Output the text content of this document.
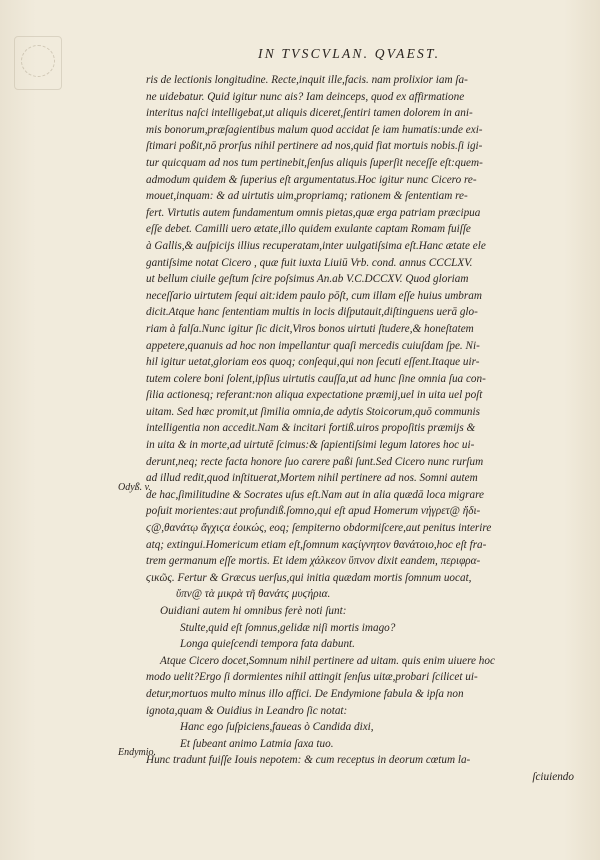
IN TVSCVLAN. QVAEST.
Odyß. v.
Endymio.
ris de lectionis longitudine. Recte,inquit ille,facis. nam prolixior iam ſa-
ne uidebatur. Quid igitur nunc ais? Iam deinceps, quod ex affirmatione
interitus naſci intelligebat,ut aliquis diceret,ſentiri tamen dolorem in ani-
mis bonorum,præſagientibus malum quod accidat ſe iam humatis:unde exi-
ſtimari poßit,nō prorſus nihil pertinere ad nos,quid fiat mortuis nobis.ſi igi-
tur quicquam ad nos tum pertinebit,ſenſus aliquis ſuperſit neceſſe eſt:quem-
admodum quidem & ſuperius eſt argumentatus.Hoc igitur nunc Cicero re-
mouet,inquam: & ad uirtutis uim,propriamq; rationem & ſententiam re-
fert. Virtutis autem fundamentum omnis pietas,quæ erga patriam præcipua
eſſe debet. Camilli uero ætate,illo quidem exulante captam Romam fuiſſe
à Gallis,& auſpicijs illius recuperatam,inter uulgatiſsima eſt.Hanc ætate ele
gantiſsime notat Cicero , quæ fuit iuxta Liuiū Vrb. cond. annus CCCLXV.
ut bellum ciuile geſtum ſcire poſsimus An.ab V.C.DCCXV. Quod gloriam
neceſſario uirtutem ſequi ait:idem paulo pōſt, cum illam eſſe huius umbram
dicit.Atque hanc ſententiam multis in locis diſputauit,diſtinguens uerā glo-
riam à falſa.Nunc igitur ſic dicit,Viros bonos uirtuti ſtudere,& honeſtatem
appetere,quanuis ad hoc non impellantur quaſi mercedis cuiuſdam ſpe. Ni-
hil igitur uetat,gloriam eos quoq; conſequi,qui non ſecuti eſſent.Itaque uir-
tutem colere boni ſolent,ipſius uirtutis cauſſa,ut ad hunc ſine omnia ſua con-
ſilia actionesq; referant:non aliqua expectatione præmij,uel in uita uel poſt
uitam. Sed hæc promit,ut ſimilia omnia,de adytis Stoicorum,quō communis
intelligentia non accedit.Nam & incitari fortiß.uiros propoſitis præmijs &
in uita & in morte,ad uirtutē ſcimus:& ſapientiſsimi legum latores hoc ui-
derunt,neq; recte facta honore ſuo carere paßi ſunt.Sed Cicero nunc rurſum
ad illud redit,quod inſtituerat,Mortem nihil pertinere ad nos. Somni autem
de hac,ſimilitudine & Socrates uſus eſt.Nam aut in alia quædā loca migrare
poſuit morientes:aut profundiß.ſomno,qui eſt apud Homerum νήγρετ@ ἥδι-
ϛ@,θανάτῳ ἄγχιϛα ἐοικώς, eoq; ſempiterno obdormiſcere,aut penitus interire
atq; extingui.Homericum etiam eſt,ſomnum καϛίγνητον θανάτοιο,hoc eſt fra-
trem germanum eſſe mortis. Et idem χάλκεον ὕπνον dixit eandem, περιφρα-
ϛικῶς. Fertur & Græcus uerſus,qui initia quædam mortis ſomnum uocat,
ὕπν@ τὰ μικρὰ τῆ θανάτϛ μυϛήρια.
Ouidiani autem hi omnibus ferè noti ſunt:
Stulte,quid eſt ſomnus,gelidæ niſi mortis imago?
Longa quieſcendi tempora fata dabunt.
Atque Cicero docet,Somnum nihil pertinere ad uitam. quis enim uiuere hoc
modo uelit?Ergo ſi dormientes nihil attingit ſenſus uitæ,probari ſcilicet ui-
detur,mortuos multo minus illo affici. De Endymione fabula & ipſa non
ignota,quam & Ouidius in Leandro ſic notat:
Hanc ego ſuſpiciens,faueas ò Candida dixi,
Et ſubeant animo Latmia ſaxa tuo.
Hunc tradunt fuiſſe Iouis nepotem: & cum receptus in deorum cœtum la-
ſciuiendo
